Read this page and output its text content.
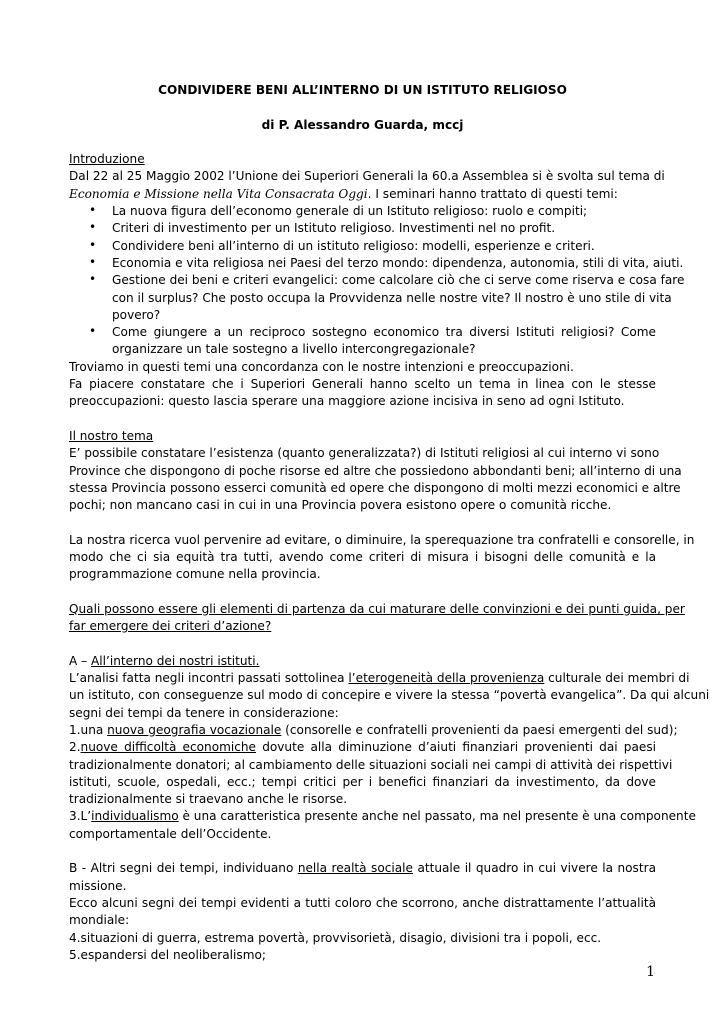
CONDIVIDERE BENI ALL’INTERNO DI UN ISTITUTO RELIGIOSO
di P. Alessandro Guarda, mccj
Introduzione
Dal 22 al 25 Maggio 2002 l’Unione dei Superiori Generali la 60.a Assemblea si è svolta sul tema di
Economia e Missione nella Vita Consacrata Oggi. I seminari hanno trattato di questi temi:
• La nuova figura dell’economo generale di un Istituto religioso: ruolo e compiti;
• Criteri di investimento per un Istituto religioso. Investimenti nel no profit.
• Condividere beni all’interno di un istituto religioso: modelli, esperienze e criteri.
• Economia e vita religiosa nei Paesi del terzo mondo: dipendenza, autonomia, stili di vita, aiuti.
• Gestione dei beni e criteri evangelici: come calcolare ciò che ci serve come riserva e cosa fare
con il surplus? Che posto occupa la Provvidenza nelle nostre vite? Il nostro è uno stile di vita
povero?
• Come giungere a un reciproco sostegno economico tra diversi Istituti religiosi? Come
organizzare un tale sostegno a livello intercongregazionale?
Troviamo in questi temi una concordanza con le nostre intenzioni e preoccupazioni.
Fa piacere constatare che i Superiori Generali hanno scelto un tema in linea con le stesse
preoccupazioni: questo lascia sperare una maggiore azione incisiva in seno ad ogni Istituto.
Il nostro tema
E’ possibile constatare l’esistenza (quanto generalizzata?) di Istituti religiosi al cui interno vi sono
Province che dispongono di poche risorse ed altre che possiedono abbondanti beni; all’interno di una
stessa Provincia possono esserci comunità ed opere che dispongono di molti mezzi economici e altre
pochi; non mancano casi in cui in una Provincia povera esistono opere o comunità ricche.
La nostra ricerca vuol pervenire ad evitare, o diminuire, la sperequazione tra confratelli e consorelle, in
modo che ci sia equità tra tutti, avendo come criteri di misura i bisogni delle comunità e la
programmazione comune nella provincia.
Quali possono essere gli elementi di partenza da cui maturare delle convinzioni e dei punti guida, per
far emergere dei criteri d’azione?
A – All’interno dei nostri istituti.
L’analisi fatta negli incontri passati sottolinea l’eterogeneità della provenienza culturale dei membri di
un istituto, con conseguenze sul modo di concepire e vivere la stessa “povertà evangelica”. Da qui alcuni
segni dei tempi da tenere in considerazione:
1.una nuova geografia vocazionale (consorelle e confratelli provenienti da paesi emergenti del sud);
2.nuove difficoltà economiche dovute alla diminuzione d’aiuti finanziari provenienti dai paesi
tradizionalmente donatori; al cambiamento delle situazioni sociali nei campi di attività dei rispettivi
istituti, scuole, ospedali, ecc.; tempi critici per i benefici finanziari da investimento, da dove
tradizionalmente si traevano anche le risorse.
3.L’individualismo è una caratteristica presente anche nel passato, ma nel presente è una componente
comportamentale dell’Occidente.
B - Altri segni dei tempi, individuano nella realtà sociale attuale il quadro in cui vivere la nostra
missione.
Ecco alcuni segni dei tempi evidenti a tutti coloro che scorrono, anche distrattamente l’attualità
mondiale:
4.situazioni di guerra, estrema povertà, provvisorietà, disagio, divisioni tra i popoli, ecc.
5.espandersi del neoliberalismo;
1
